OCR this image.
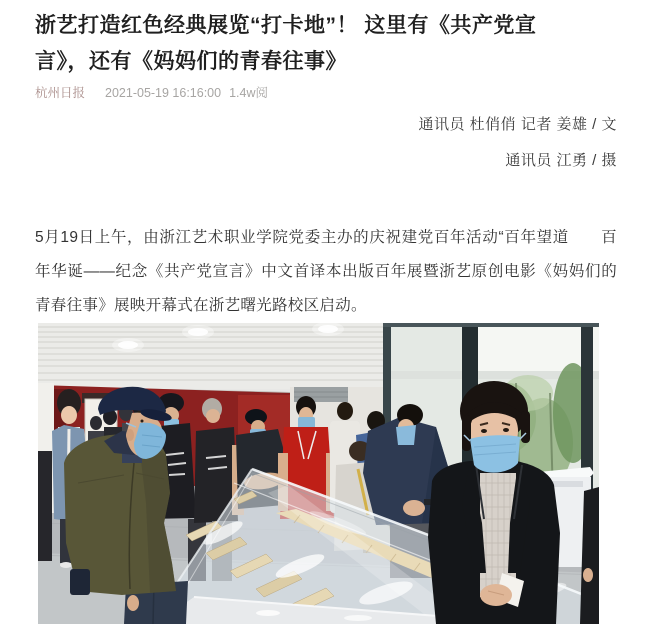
浙艺打造红色经典展览“打卡地”！ 这里有《共产党宣言》，还有《妈妈们的青春往事》
杭州日报 2021-05-19 16:16:00 1.4w阅

通讯员 杜俏俏 记者 姜雄 / 文

通讯员 江勇 / 摄

5月19日上午，由浙江艺术职业学院党委主办的庆祝建党百年活动“百年望道　　百年华诞——纪念《共产党宣言》中文首译本出版百年展暨浙艺原创电影《妈妈们的青春往事》展映开幕式在浙艺曙光路校区启动。
